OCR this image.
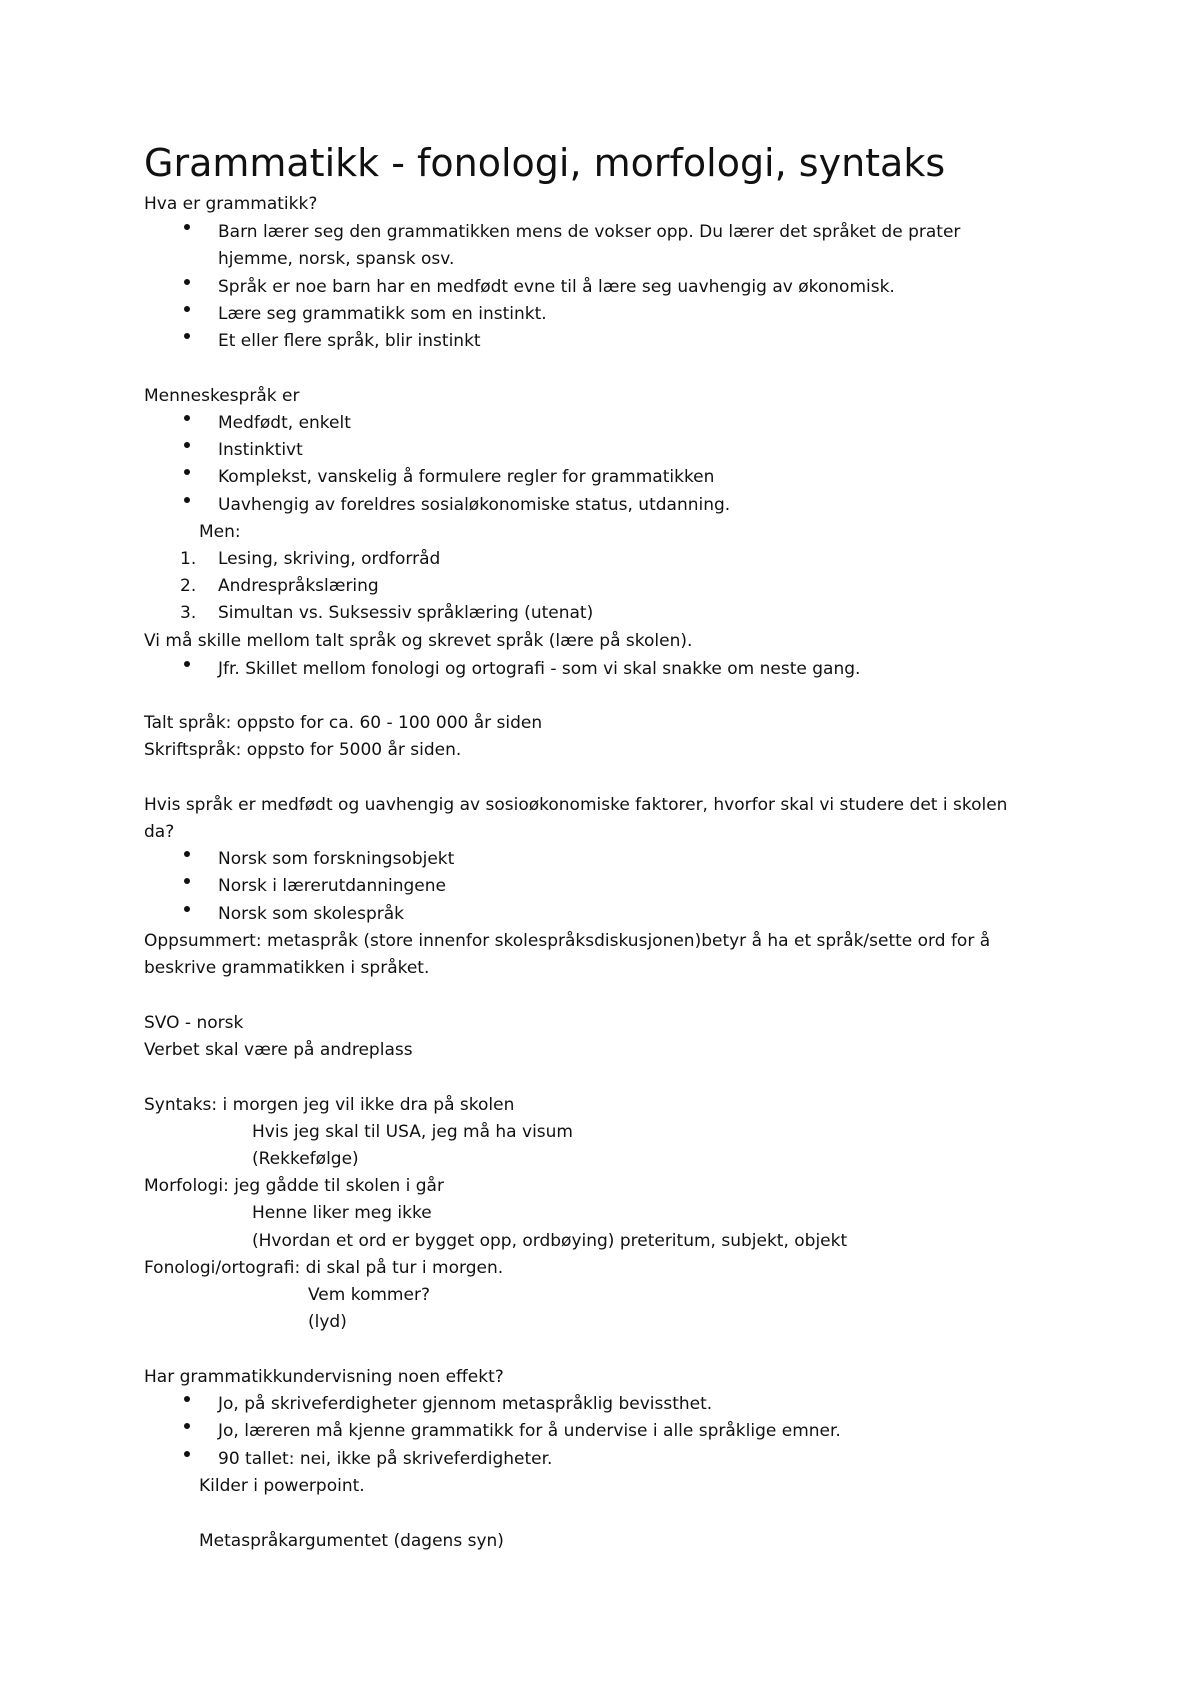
Grammatikk - fonologi, morfologi, syntaks
Hva er grammatikk?
Barn lærer seg den grammatikken mens de vokser opp. Du lærer det språket de prater
hjemme, norsk, spansk osv.
Språk er noe barn har en medfødt evne til å lære seg uavhengig av økonomisk.
Lære seg grammatikk som en instinkt.
Et eller flere språk, blir instinkt
Menneskespråk er
Medfødt, enkelt
Instinktivt
Komplekst, vanskelig å formulere regler for grammatikken
Uavhengig av foreldres sosialøkonomiske status, utdanning.
Men:
1. Lesing, skriving, ordforråd
2. Andrespråkslæring
3. Simultan vs. Suksessiv språklæring (utenat)
Vi må skille mellom talt språk og skrevet språk (lære på skolen).
Jfr. Skillet mellom fonologi og ortografi - som vi skal snakke om neste gang.
Talt språk: oppsto for ca. 60 - 100 000 år siden
Skriftspråk: oppsto for 5000 år siden.
Hvis språk er medfødt og uavhengig av sosioøkonomiske faktorer, hvorfor skal vi studere det i skolen
da?
Norsk som forskningsobjekt
Norsk i lærerutdanningene
Norsk som skolespråk
Oppsummert: metaspråk (store innenfor skolespråksdiskusjonen)betyr å ha et språk/sette ord for å
beskrive grammatikken i språket.
SVO - norsk
Verbet skal være på andreplass
Syntaks: i morgen jeg vil ikke dra på skolen
Hvis jeg skal til USA, jeg må ha visum
(Rekkefølge)
Morfologi: jeg gådde til skolen i går
Henne liker meg ikke
(Hvordan et ord er bygget opp, ordbøying) preteritum, subjekt, objekt
Fonologi/ortografi: di skal på tur i morgen.
Vem kommer?
(lyd)
Har grammatikkundervisning noen effekt?
Jo, på skriveferdigheter gjennom metaspråklig bevissthet.
Jo, læreren må kjenne grammatikk for å undervise i alle språklige emner.
90 tallet: nei, ikke på skriveferdigheter.
Kilder i powerpoint.
Metaspråkargumentet (dagens syn)
